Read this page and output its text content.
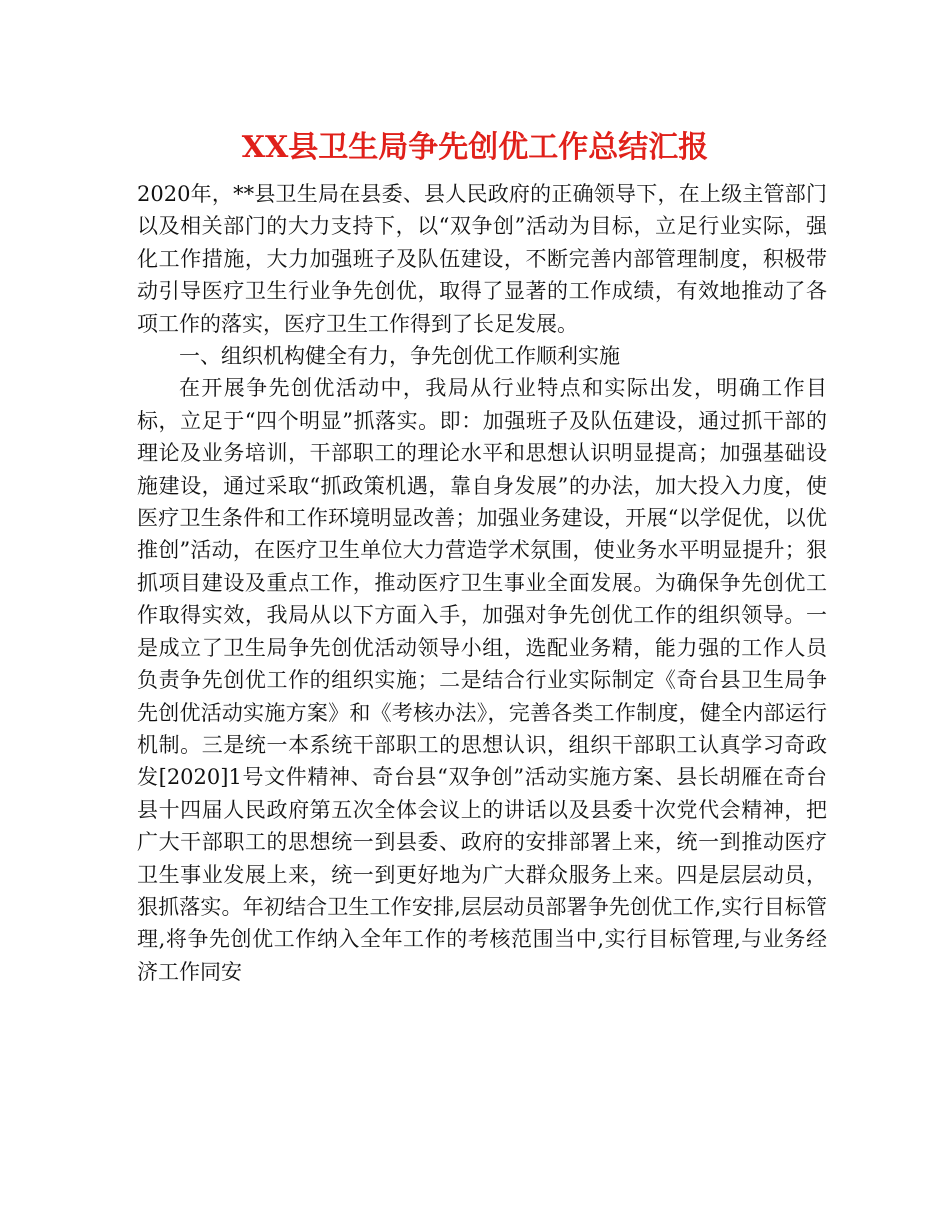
XX县卫生局争先创优工作总结汇报

2020年，**县卫生局在县委、县人民政府的正确领导下，在上级主管部门以及相关部门的大力支持下，以“双争创”活动为目标，立足行业实际，强化工作措施，大力加强班子及队伍建设，不断完善内部管理制度，积极带动引导医疗卫生行业争先创优，取得了显著的工作成绩，有效地推动了各项工作的落实，医疗卫生工作得到了长足发展。

一、组织机构健全有力，争先创优工作顺利实施

在开展争先创优活动中，我局从行业特点和实际出发，明确工作目标，立足于“四个明显”抓落实。即：加强班子及队伍建设，通过抓干部的理论及业务培训，干部职工的理论水平和思想认识明显提高；加强基础设施建设，通过采取“抓政策机遇，靠自身发展”的办法，加大投入力度，使医疗卫生条件和工作环境明显改善；加强业务建设，开展“以学促优，以优推创”活动，在医疗卫生单位大力营造学术氛围，使业务水平明显提升；狠抓项目建设及重点工作，推动医疗卫生事业全面发展。为确保争先创优工作取得实效，我局从以下方面入手，加强对争先创优工作的组织领导。一是成立了卫生局争先创优活动领导小组，选配业务精，能力强的工作人员负责争先创优工作的组织实施；二是结合行业实际制定《奇台县卫生局争先创优活动实施方案》和《考核办法》，完善各类工作制度，健全内部运行机制。三是统一本系统干部职工的思想认识，组织干部职工认真学习奇政发[2020]1号文件精神、奇台县“双争创”活动实施方案、县长胡雁在奇台县十四届人民政府第五次全体会议上的讲话以及县委十次党代会精神，把广大干部职工的思想统一到县委、政府的安排部署上来，统一到推动医疗卫生事业发展上来，统一到更好地为广大群众服务上来。四是层层动员，狠抓落实。年初结合卫生工作安排,层层动员部署争先创优工作,实行目标管理,将争先创优工作纳入全年工作的考核范围当中,实行目标管理,与业务经济工作同安
